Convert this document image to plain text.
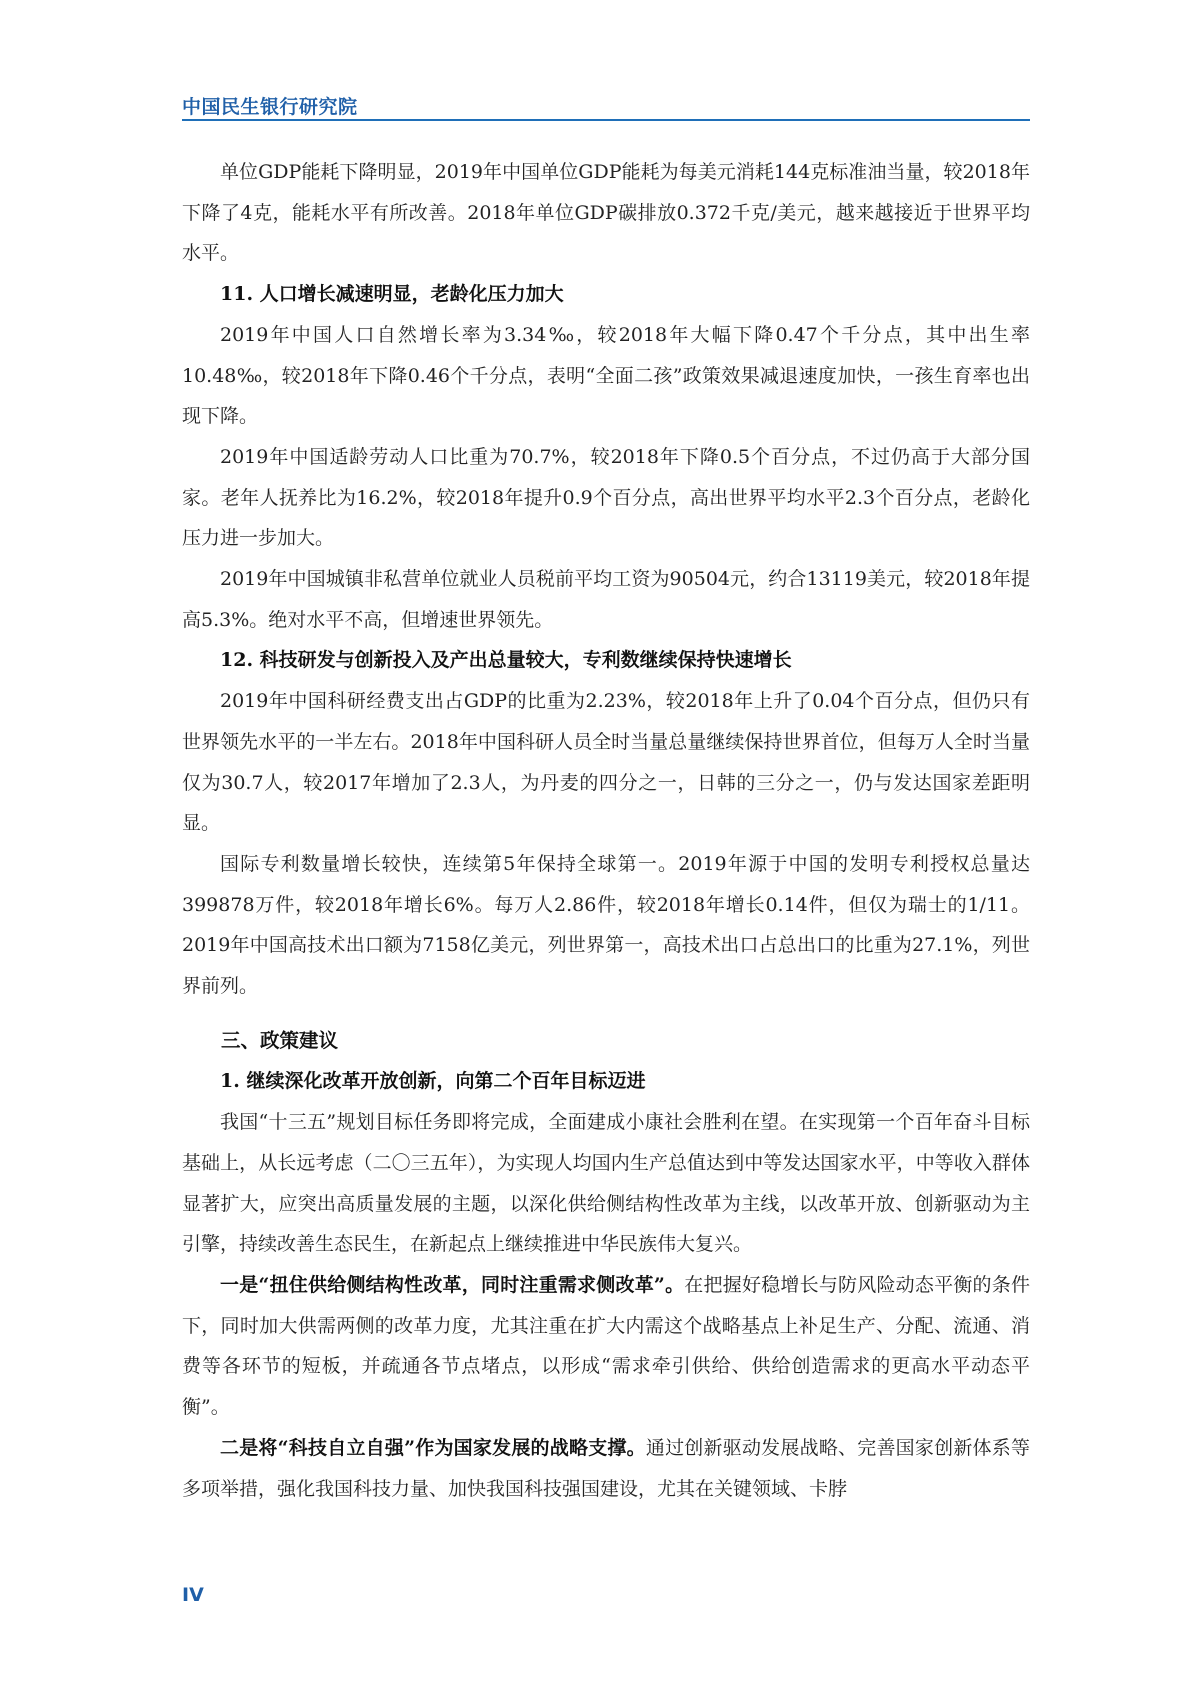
中国民生银行研究院

单位GDP能耗下降明显，2019年中国单位GDP能耗为每美元消耗144克标准油当量，较2018年下降了4克，能耗水平有所改善。2018年单位GDP碳排放0.372千克/美元，越来越接近于世界平均水平。

11. 人口增长减速明显，老龄化压力加大

2019年中国人口自然增长率为3.34‰，较2018年大幅下降0.47个千分点，其中出生率10.48‰，较2018年下降0.46个千分点，表明“全面二孩”政策效果减退速度加快，一孩生育率也出现下降。

2019年中国适龄劳动人口比重为70.7%，较2018年下降0.5个百分点，不过仍高于大部分国家。老年人抚养比为16.2%，较2018年提升0.9个百分点，高出世界平均水平2.3个百分点，老龄化压力进一步加大。

2019年中国城镇非私营单位就业人员税前平均工资为90504元，约合13119美元，较2018年提高5.3%。绝对水平不高，但增速世界领先。

12. 科技研发与创新投入及产出总量较大，专利数继续保持快速增长

2019年中国科研经费支出占GDP的比重为2.23%，较2018年上升了0.04个百分点，但仍只有世界领先水平的一半左右。2018年中国科研人员全时当量总量继续保持世界首位，但每万人全时当量仅为30.7人，较2017年增加了2.3人，为丹麦的四分之一，日韩的三分之一，仍与发达国家差距明显。

国际专利数量增长较快，连续第5年保持全球第一。2019年源于中国的发明专利授权总量达399878万件，较2018年增长6%。每万人2.86件，较2018年增长0.14件，但仅为瑞士的1/11。2019年中国高技术出口额为7158亿美元，列世界第一，高技术出口占总出口的比重为27.1%，列世界前列。

三、政策建议
1. 继续深化改革开放创新，向第二个百年目标迈进

我国“十三五”规划目标任务即将完成，全面建成小康社会胜利在望。在实现第一个百年奋斗目标基础上，从长远考虑（二〇三五年），为实现人均国内生产总值达到中等发达国家水平，中等收入群体显著扩大，应突出高质量发展的主题，以深化供给侧结构性改革为主线，以改革开放、创新驱动为主引擎，持续改善生态民生，在新起点上继续推进中华民族伟大复兴。

一是“扭住供给侧结构性改革，同时注重需求侧改革”。在把握好稳增长与防风险动态平衡的条件下，同时加大供需两侧的改革力度，尤其注重在扩大内需这个战略基点上补足生产、分配、流通、消费等各环节的短板，并疏通各节点堵点，以形成“需求牵引供给、供给创造需求的更高水平动态平衡”。

二是将“科技自立自强”作为国家发展的战略支撑。通过创新驱动发展战略、完善国家创新体系等多项举措，强化我国科技力量、加快我国科技强国建设，尤其在关键领域、卡脖

IV
